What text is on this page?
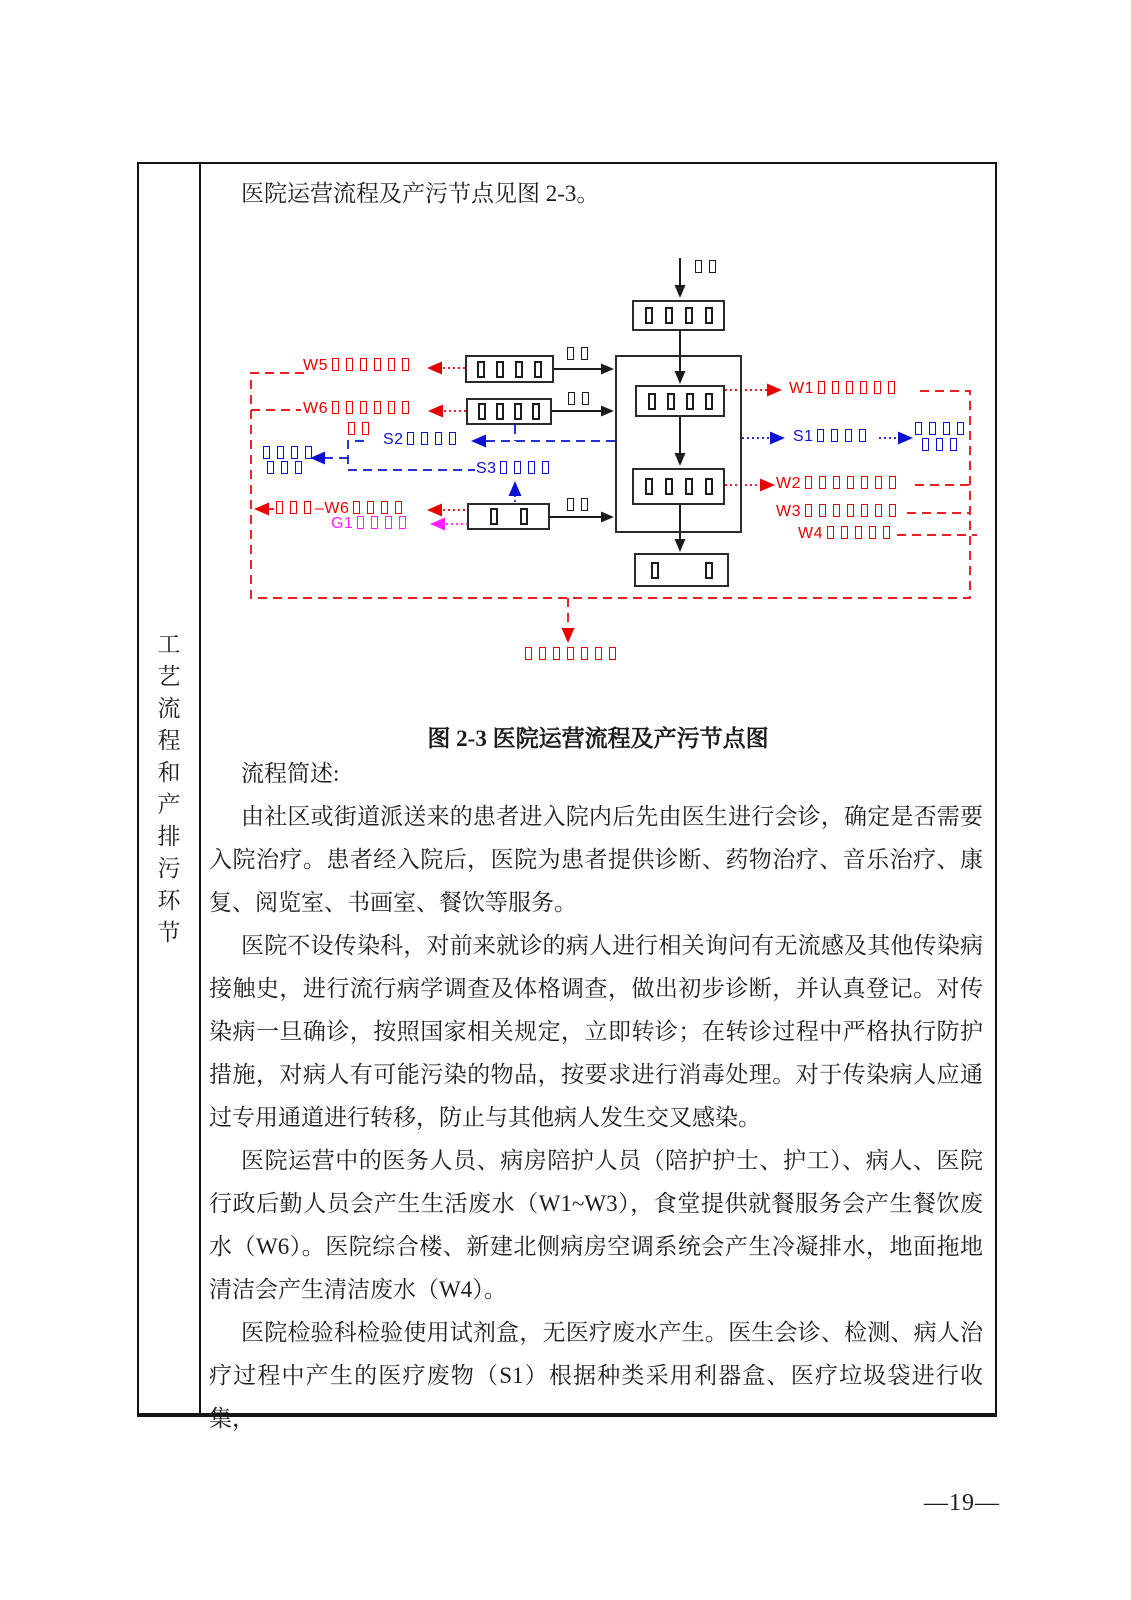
工
艺
流
程
和
产
排
污
环
节
医院运营流程及产污节点见图 2-3。
W5
W6
–W6
G1
S2
S3
W1
S1
W2
W3
W4
图 2-3 医院运营流程及产污节点图

流程简述:

由社区或街道派送来的患者进入院内后先由医生进行会诊，确定是否需要入院治疗。患者经入院后，医院为患者提供诊断、药物治疗、音乐治疗、康复、阅览室、书画室、餐饮等服务。

医院不设传染科，对前来就诊的病人进行相关询问有无流感及其他传染病接触史，进行流行病学调查及体格调查，做出初步诊断，并认真登记。对传染病一旦确诊，按照国家相关规定，立即转诊；在转诊过程中严格执行防护措施，对病人有可能污染的物品，按要求进行消毒处理。对于传染病人应通过专用通道进行转移，防止与其他病人发生交叉感染。

医院运营中的医务人员、病房陪护人员（陪护护士、护工）、病人、医院行政后勤人员会产生生活废水（W1~W3），食堂提供就餐服务会产生餐饮废水（W6）。医院综合楼、新建北侧病房空调系统会产生冷凝排水，地面拖地清洁会产生清洁废水（W4）。

医院检验科检验使用试剂盒，无医疗废水产生。医生会诊、检测、病人治疗过程中产生的医疗废物（S1）根据种类采用利器盒、医疗垃圾袋进行收集，

—19—
